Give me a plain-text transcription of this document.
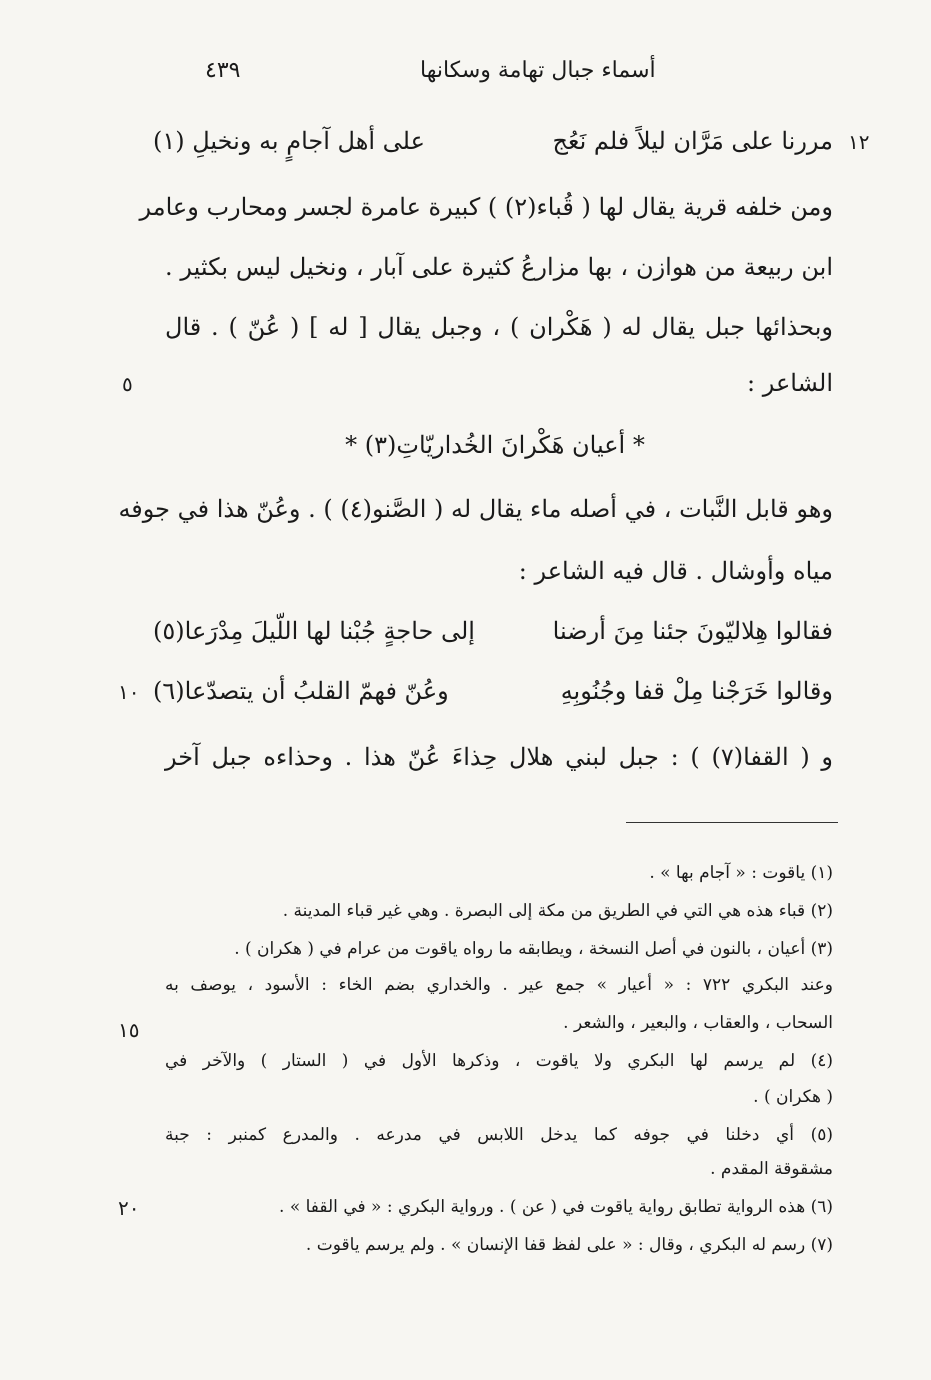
٤٣٩	أسماء جبال تهامة وسكانها
١٢
٥
١٠
١٥
٢٠
مررنا على مَرَّان ليلاً فلم نَعُج
على أهل آجامٍ به ونخيلِ (١)
ومن خلفه قرية يقال لها ( قُباء(٢) ) كبيرة عامرة لجسر ومحارب وعامر
ابن ربيعة من هوازن ، بها مزارعُ كثيرة على آبار ، ونخيل ليس بكثير .
وبحذائها جبل يقال له ( هَكْران ) ، وجبل يقال [ له ] ( عُنّ ) . قال
الشاعر :
* أعيان هَكْرانَ الخُداريّاتِ(٣) *
وهو قابل النَّبات ، في أصله ماء يقال له ( الصَّنو(٤) ) . وعُنّ هذا في جوفه
مياه وأوشال . قال فيه الشاعر :
فقالوا هِلاليّونَ جئنا مِنَ أرضنا
إلى حاجةٍ جُبْنا لها اللّيلَ مِدْرَعا(٥)
وقالوا خَرَجْنا مِلْ قفا وجُنُوبِهِ
وعُنّ فهمّ القلبُ أن يتصدّعا(٦)
و ( القفا(٧) ) : جبل لبني هلال حِذاءَ عُنّ هذا . وحذاءه جبل آخر
(١) ياقوت : « آجام بها » .
(٢) قباء هذه هي التي في الطريق من مكة إلى البصرة . وهي غير قباء المدينة .
(٣) أعيان ، بالنون في أصل النسخة ، ويطابقه ما رواه ياقوت من عرام في ( هكران ) .
وعند البكري ٧٢٢ : « أعيار » جمع عير . والخداري بضم الخاء : الأسود ، يوصف به
السحاب ، والعقاب ، والبعير ، والشعر .
(٤) لم يرسم لها البكري ولا ياقوت ، وذكرها الأول في ( الستار ) والآخر في
( هكران ) .
(٥) أي دخلنا في جوفه كما يدخل اللابس في مدرعه . والمدرع كمنبر : جبة
مشقوقة المقدم .
(٦) هذه الرواية تطابق رواية ياقوت في ( عن ) . ورواية البكري : « في القفا » .
(٧) رسم له البكري ، وقال : « على لفظ قفا الإنسان » . ولم يرسم ياقوت .
